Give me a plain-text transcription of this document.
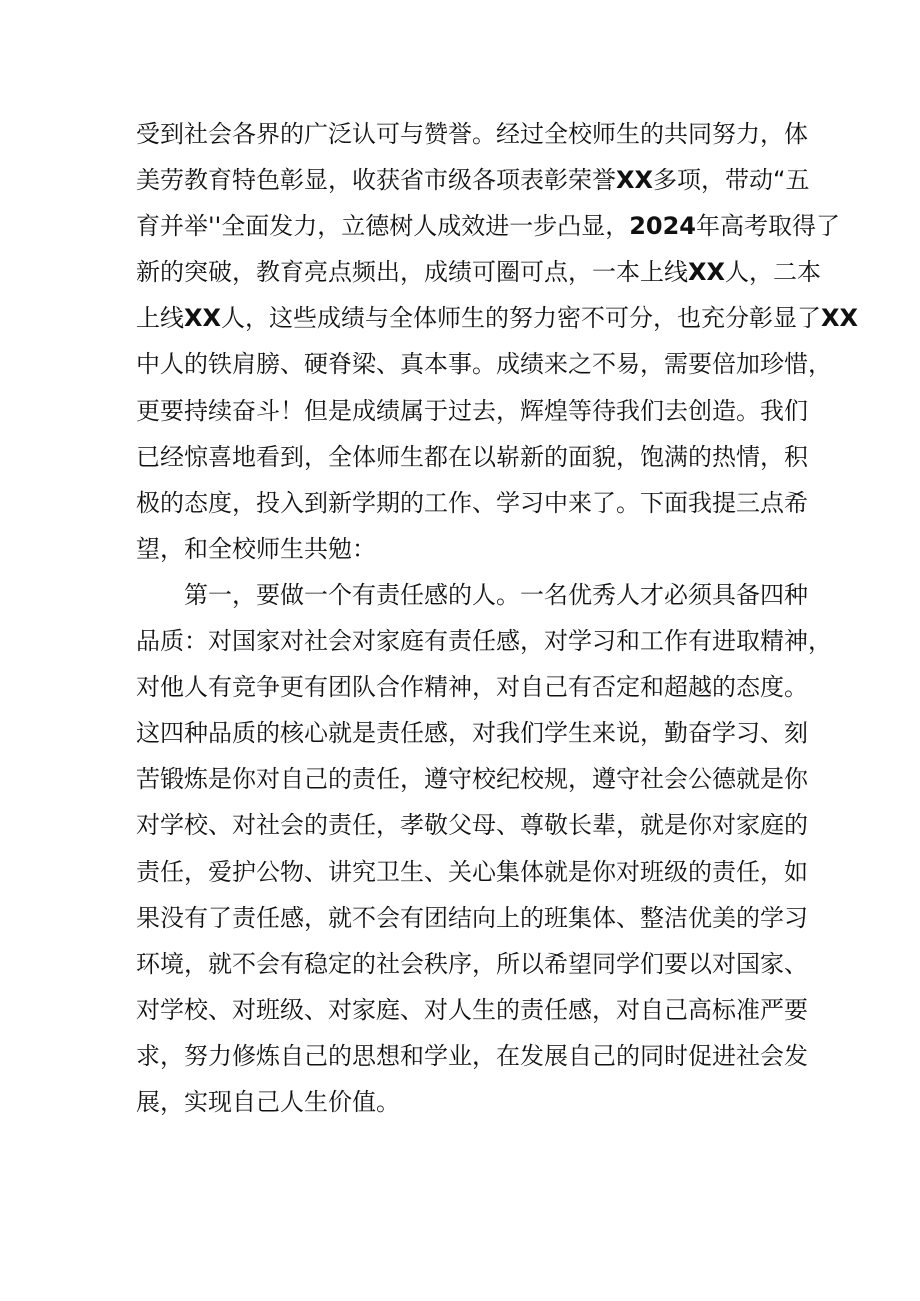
受到社会各界的广泛认可与赞誉。经过全校师生的共同努力，体
美劳教育特色彰显，收获省市级各项表彰荣誉XX多项，带动“五
育并举''全面发力，立德树人成效进一步凸显，2024年高考取得了
新的突破，教育亮点频出，成绩可圈可点，一本上线XX人，二本
上线XX人，这些成绩与全体师生的努力密不可分，也充分彰显了XX
中人的铁肩膀、硬脊梁、真本事。成绩来之不易，需要倍加珍惜，
更要持续奋斗！但是成绩属于过去，辉煌等待我们去创造。我们
已经惊喜地看到，全体师生都在以崭新的面貌，饱满的热情，积
极的态度，投入到新学期的工作、学习中来了。下面我提三点希
望，和全校师生共勉：
第一，要做一个有责任感的人。一名优秀人才必须具备四种
品质：对国家对社会对家庭有责任感，对学习和工作有进取精神，
对他人有竞争更有团队合作精神，对自己有否定和超越的态度。
这四种品质的核心就是责任感，对我们学生来说，勤奋学习、刻
苦锻炼是你对自己的责任，遵守校纪校规，遵守社会公德就是你
对学校、对社会的责任，孝敬父母、尊敬长辈，就是你对家庭的
责任，爱护公物、讲究卫生、关心集体就是你对班级的责任，如
果没有了责任感，就不会有团结向上的班集体、整洁优美的学习
环境，就不会有稳定的社会秩序，所以希望同学们要以对国家、
对学校、对班级、对家庭、对人生的责任感，对自己高标准严要
求，努力修炼自己的思想和学业，在发展自己的同时促进社会发
展，实现自己人生价值。
